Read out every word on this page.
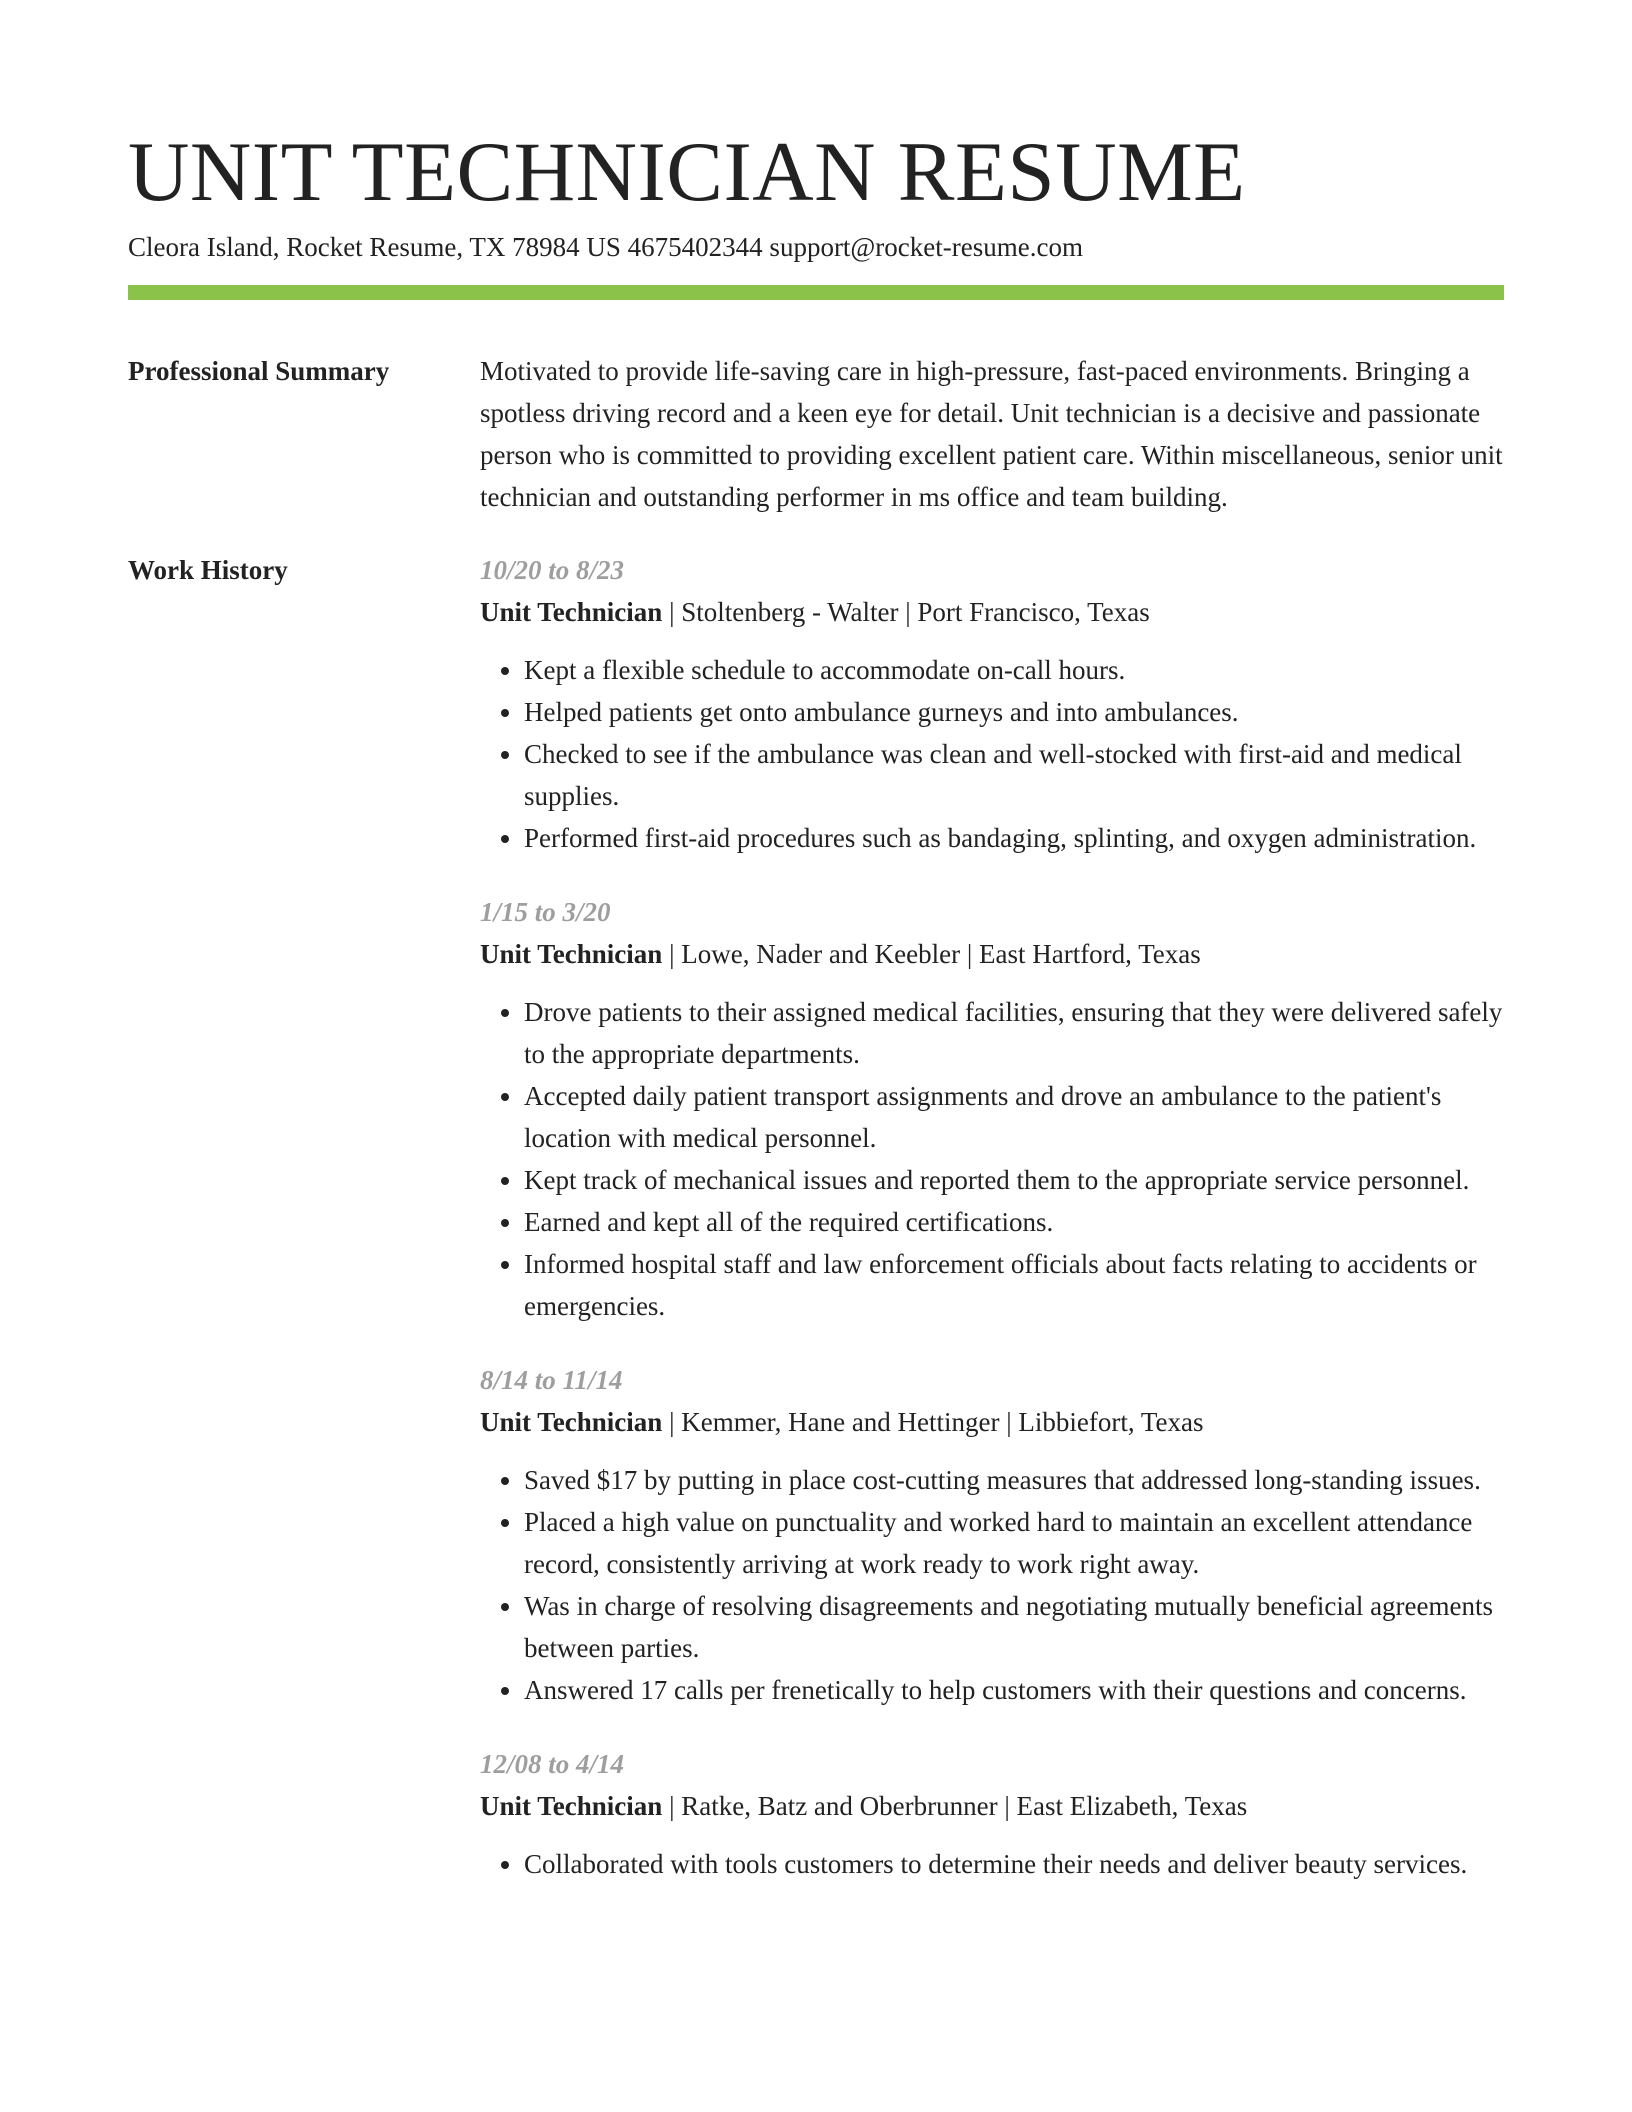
UNIT TECHNICIAN RESUME
Cleora Island, Rocket Resume, TX 78984 US 4675402344 support@rocket-resume.com
Professional Summary	Motivated to provide life-saving care in high-pressure, fast-paced environments. Bringing a spotless driving record and a keen eye for detail. Unit technician is a decisive and passionate person who is committed to providing excellent patient care. Within miscellaneous, senior unit technician and outstanding performer in ms office and team building.

Work History	10/20 to 8/23
Unit Technician | Stoltenberg - Walter | Port Francisco, Texas
• Kept a flexible schedule to accommodate on-call hours.
• Helped patients get onto ambulance gurneys and into ambulances.
• Checked to see if the ambulance was clean and well-stocked with first-aid and medical supplies.
• Performed first-aid procedures such as bandaging, splinting, and oxygen administration.
1/15 to 3/20
Unit Technician | Lowe, Nader and Keebler | East Hartford, Texas
• Drove patients to their assigned medical facilities, ensuring that they were delivered safely to the appropriate departments.
• Accepted daily patient transport assignments and drove an ambulance to the patient's location with medical personnel.
• Kept track of mechanical issues and reported them to the appropriate service personnel.
• Earned and kept all of the required certifications.
• Informed hospital staff and law enforcement officials about facts relating to accidents or emergencies.
8/14 to 11/14
Unit Technician | Kemmer, Hane and Hettinger | Libbiefort, Texas
• Saved $17 by putting in place cost-cutting measures that addressed long-standing issues.
• Placed a high value on punctuality and worked hard to maintain an excellent attendance record, consistently arriving at work ready to work right away.
• Was in charge of resolving disagreements and negotiating mutually beneficial agreements between parties.
• Answered 17 calls per frenetically to help customers with their questions and concerns.
12/08 to 4/14
Unit Technician | Ratke, Batz and Oberbrunner | East Elizabeth, Texas
• Collaborated with tools customers to determine their needs and deliver beauty services.
